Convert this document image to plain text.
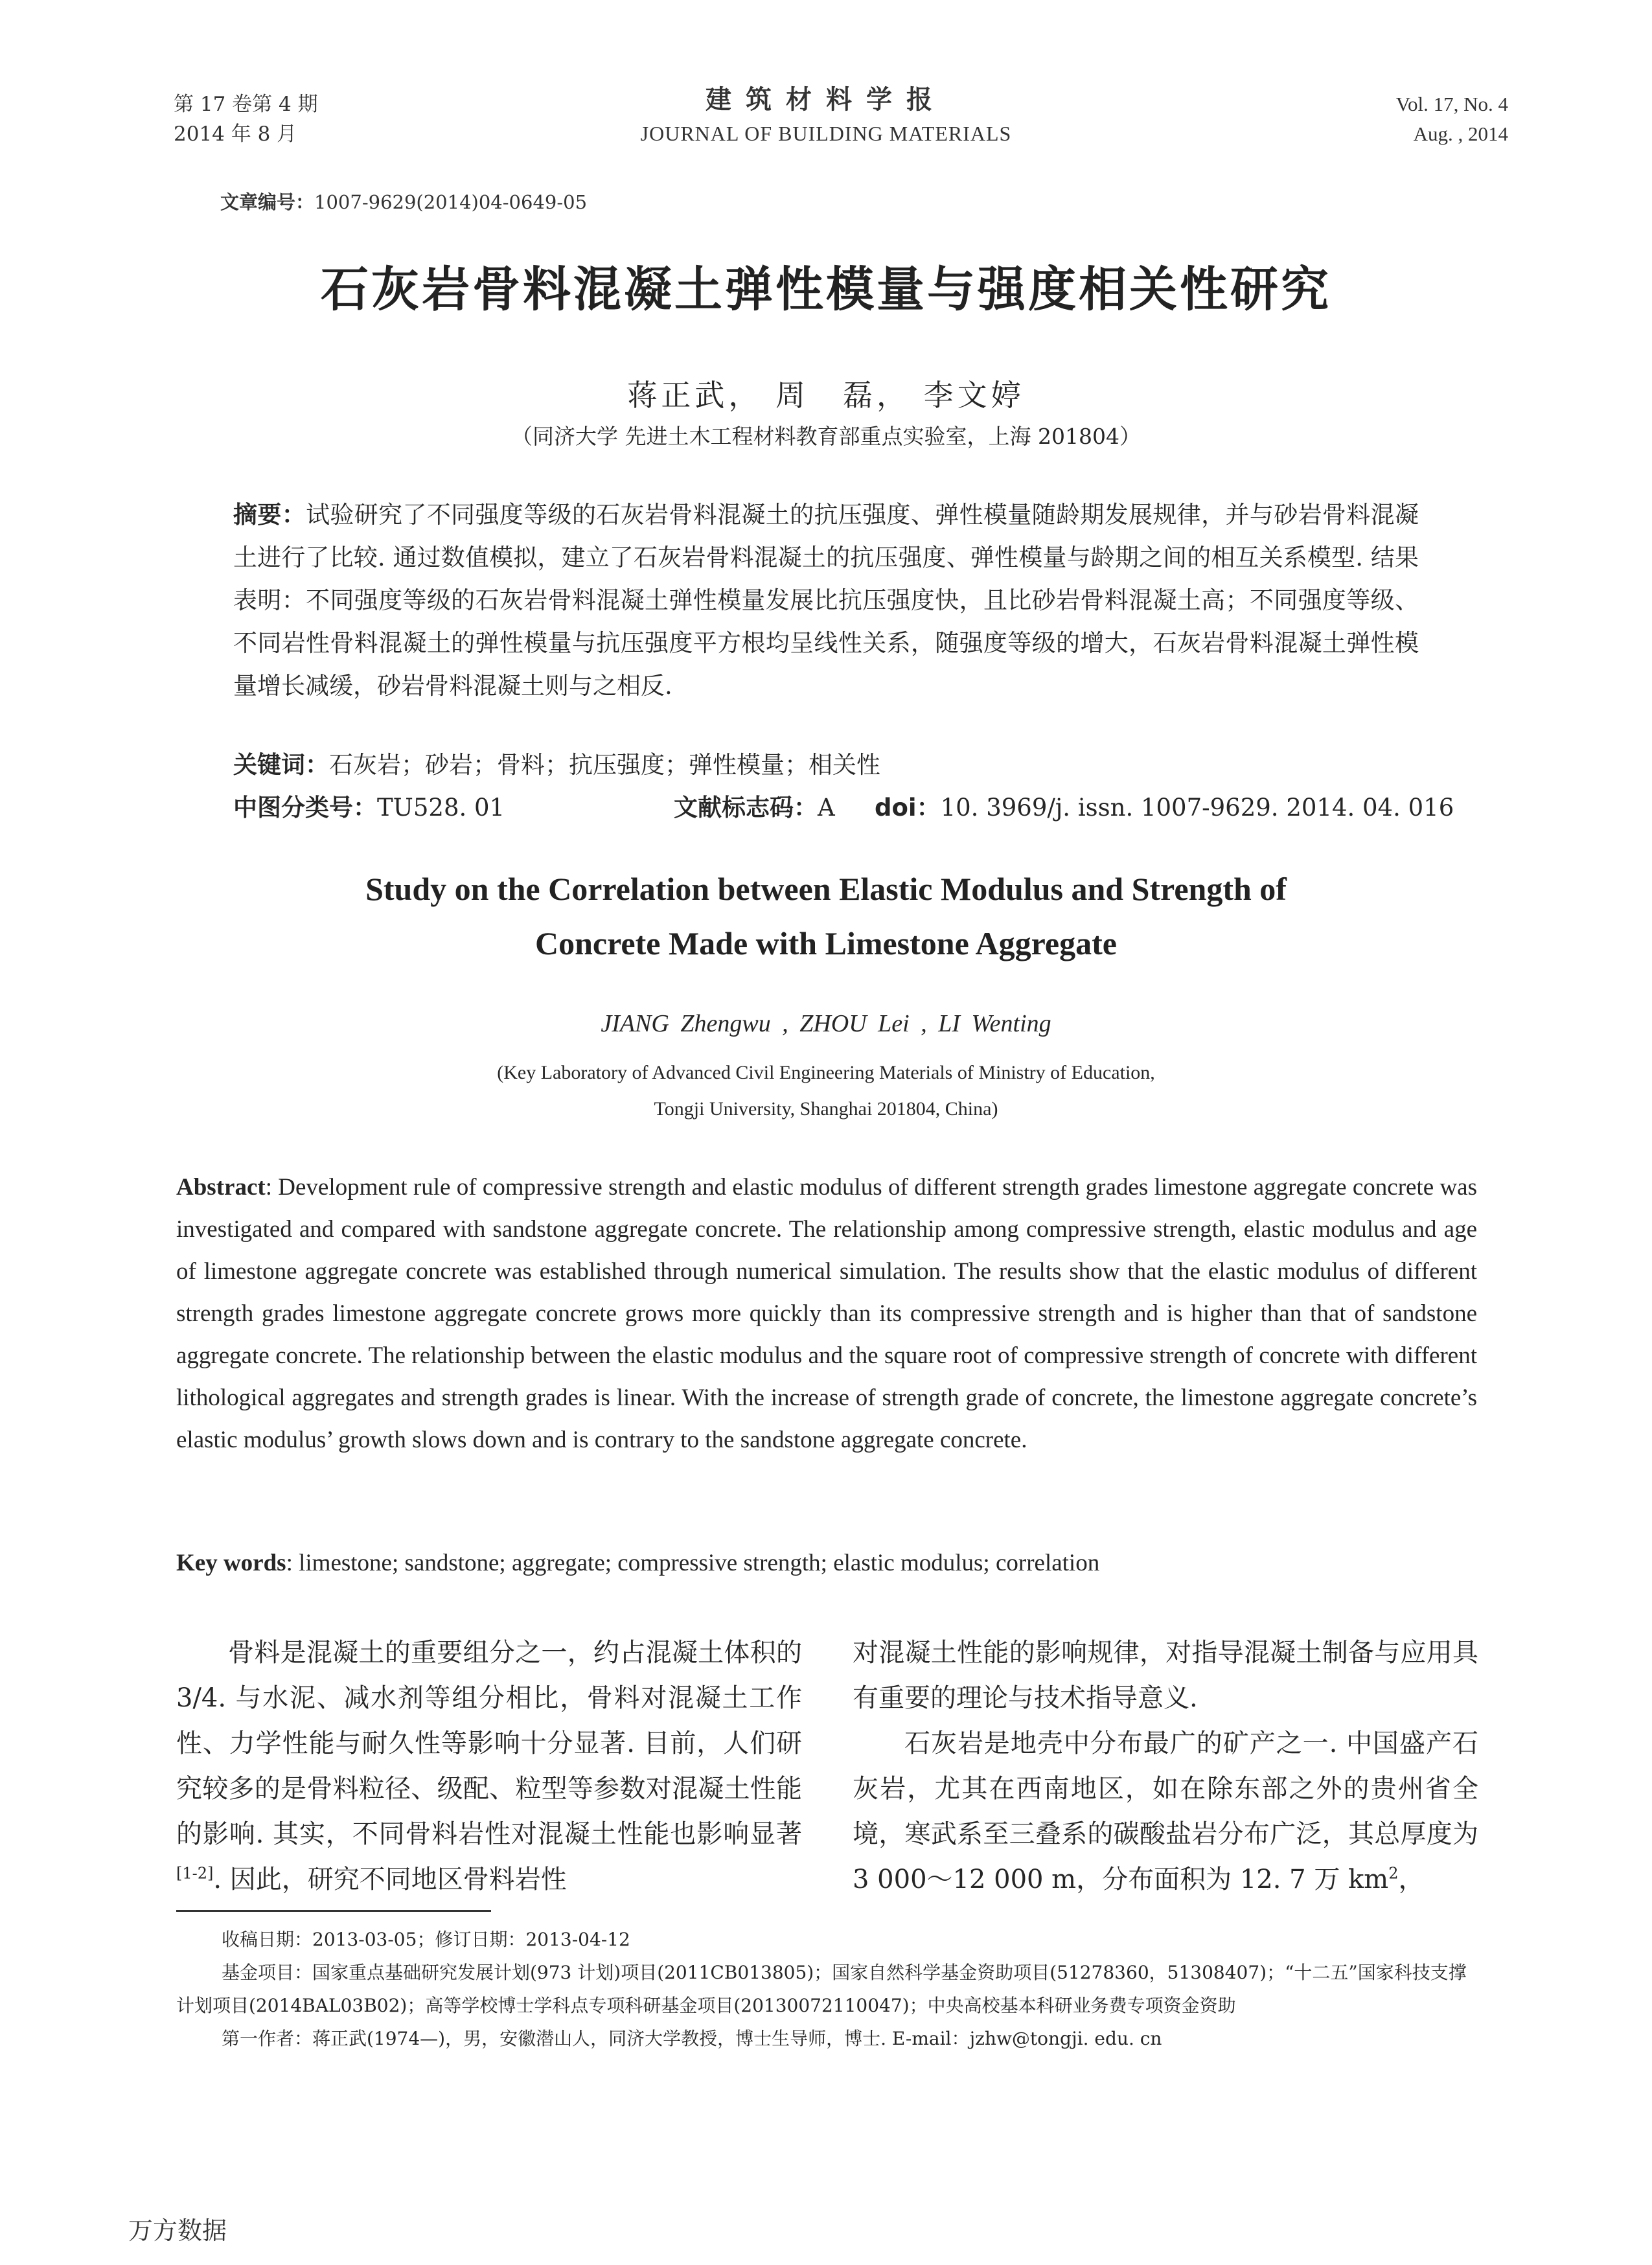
第 17 卷第 4 期
2014 年 8 月
建筑材料学报
JOURNAL OF BUILDING MATERIALS
Vol. 17, No. 4
Aug. , 2014
文章编号：1007-9629(2014)04-0649-05
石灰岩骨料混凝土弹性模量与强度相关性研究
蒋正武， 周　磊， 李文婷
（同济大学 先进土木工程材料教育部重点实验室，上海 201804）
摘要：试验研究了不同强度等级的石灰岩骨料混凝土的抗压强度、弹性模量随龄期发展规律，并与砂岩骨料混凝土进行了比较. 通过数值模拟，建立了石灰岩骨料混凝土的抗压强度、弹性模量与龄期之间的相互关系模型. 结果表明：不同强度等级的石灰岩骨料混凝土弹性模量发展比抗压强度快，且比砂岩骨料混凝土高；不同强度等级、不同岩性骨料混凝土的弹性模量与抗压强度平方根均呈线性关系，随强度等级的增大，石灰岩骨料混凝土弹性模量增长减缓，砂岩骨料混凝土则与之相反.
关键词：石灰岩；砂岩；骨料；抗压强度；弹性模量；相关性
中图分类号：TU528. 01	文献标志码：A doi：10. 3969/j. issn. 1007-9629. 2014. 04. 016
Study on the Correlation between Elastic Modulus and Strength of
Concrete Made with Limestone Aggregate
JIANG Zhengwu , ZHOU Lei , LI Wenting
(Key Laboratory of Advanced Civil Engineering Materials of Ministry of Education,
Tongji University, Shanghai 201804, China)
Abstract: Development rule of compressive strength and elastic modulus of different strength grades limestone aggregate concrete was investigated and compared with sandstone aggregate concrete. The relationship among compressive strength, elastic modulus and age of limestone aggregate concrete was established through numerical simulation. The results show that the elastic modulus of different strength grades limestone aggregate concrete grows more quickly than its compressive strength and is higher than that of sandstone aggregate concrete. The relationship between the elastic modulus and the square root of compressive strength of concrete with different lithological aggregates and strength grades is linear. With the increase of strength grade of concrete, the limestone aggregate concrete’s elastic modulus’ growth slows down and is contrary to the sandstone aggregate concrete.
Key words: limestone; sandstone; aggregate; compressive strength; elastic modulus; correlation

骨料是混凝土的重要组分之一，约占混凝土体积的 3/4. 与水泥、减水剂等组分相比，骨料对混凝土工作性、力学性能与耐久性等影响十分显著. 目前，人们研究较多的是骨料粒径、级配、粒型等参数对混凝土性能的影响. 其实，不同骨料岩性对混凝土性能也影响显著[1-2]. 因此，研究不同地区骨料岩性

对混凝土性能的影响规律，对指导混凝土制备与应用具有重要的理论与技术指导意义.

石灰岩是地壳中分布最广的矿产之一. 中国盛产石灰岩，尤其在西南地区，如在除东部之外的贵州省全境，寒武系至三叠系的碳酸盐岩分布广泛，其总厚度为 3 000～12 000 m，分布面积为 12. 7 万 $km^2$，

收稿日期：2013-03-05；修订日期：2013-04-12

基金项目：国家重点基础研究发展计划(973 计划)项目(2011CB013805)；国家自然科学基金资助项目(51278360，51308407)；“十二五”国家科技支撑计划项目(2014BAL03B02)；高等学校博士学科点专项科研基金项目(20130072110047)；中央高校基本科研业务费专项资金资助

第一作者：蒋正武(1974—)，男，安徽潜山人，同济大学教授，博士生导师，博士. E-mail：jzhw@tongji. edu. cn

万方数据
